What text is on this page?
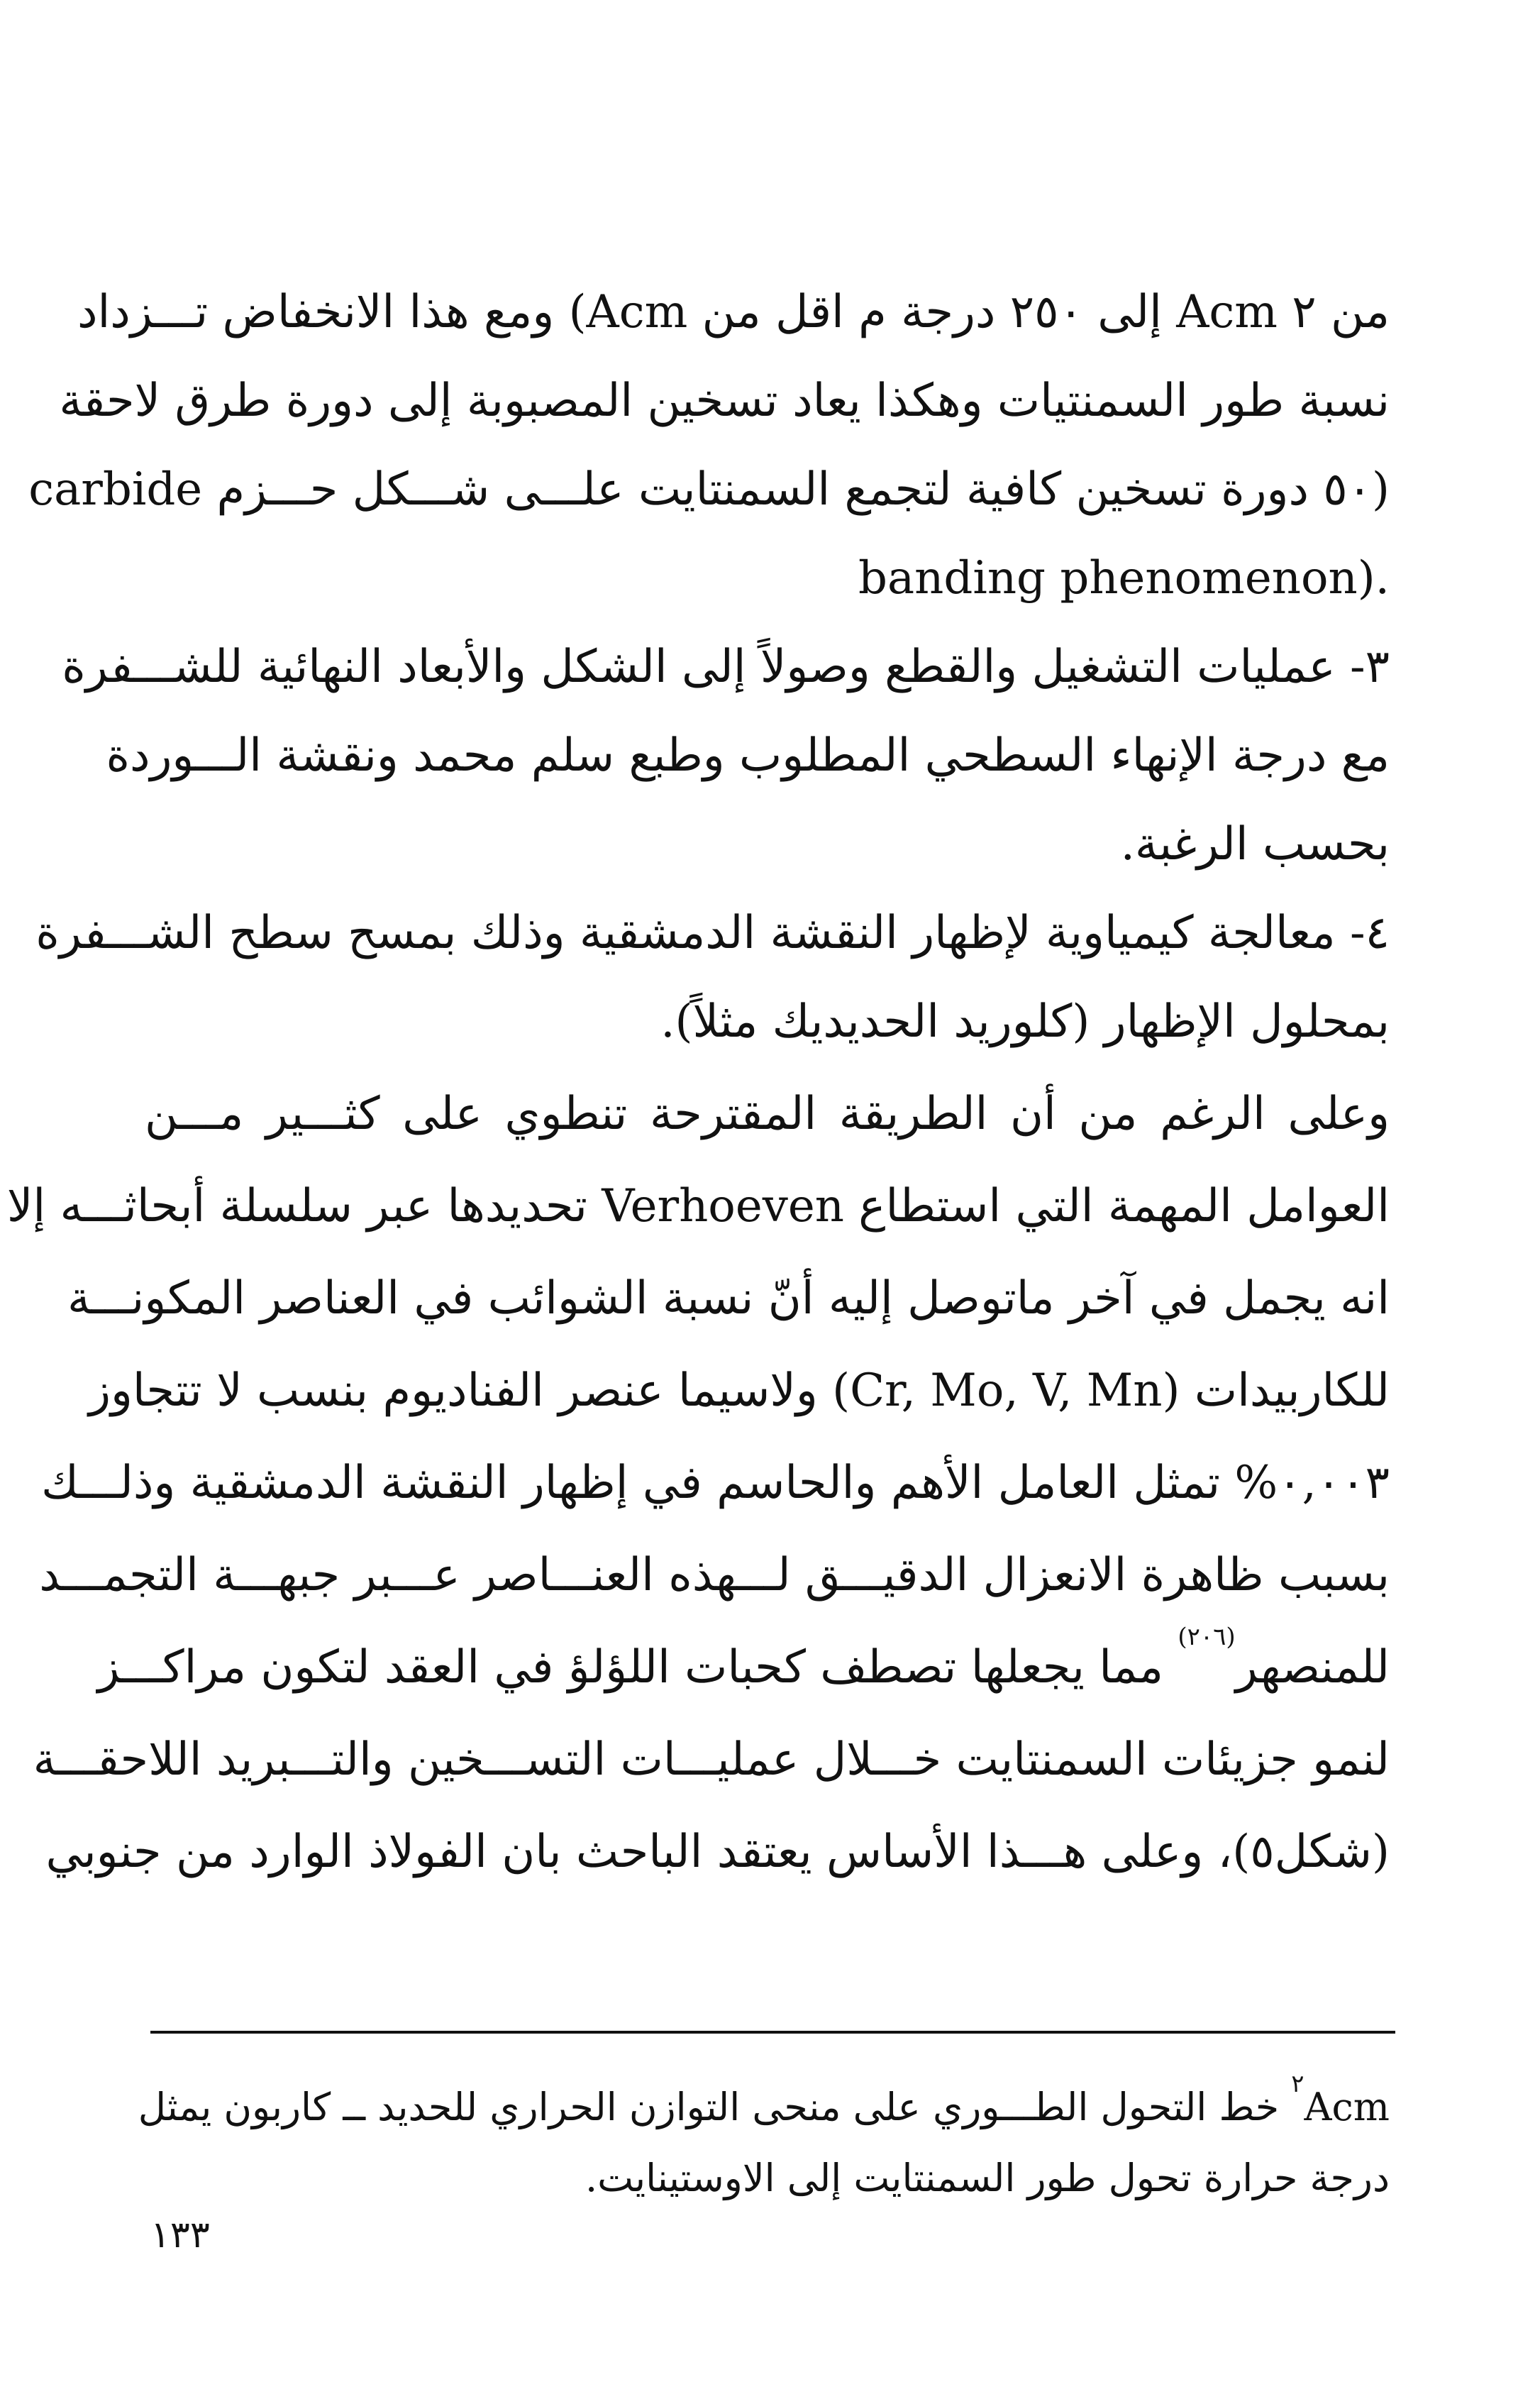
من ٢ Acm إلى ٢٥٠ درجة م اقل من Acm) ومع هذا الانخفاض تـــزداد
نسبة طور السمنتيات وهكذا يعاد تسخين المصبوبة إلى دورة طرق لاحقة
(٥٠ دورة تسخين كافية لتجمع السمنتايت علـــى شـــكل حـــزم carbide
banding phenomenon).
٣- عمليات التشغيل والقطع وصولاً إلى الشكل والأبعاد النهائية للشـــفرة
مع درجة الإنهاء السطحي المطلوب وطبع سلم محمد ونقشة الـــوردة
بحسب الرغبة.
٤- معالجة كيمياوية لإظهار النقشة الدمشقية وذلك بمسح سطح الشـــفرة
بمحلول الإظهار (كلوريد الحديديك مثلاً).
وعلى الرغم من أن الطريقة المقترحة تنطوي على كثـــير مـــن
العوامل المهمة التي استطاع Verhoeven تحديدها عبر سلسلة أبحاثـــه إلا
انه يجمل في آخر ماتوصل إليه أنّ نسبة الشوائب في العناصر المكونـــة
للكاربيدات (Cr, Mo, V, Mn) ولاسيما عنصر الفناديوم بنسب لا تتجاوز
٠,٠٠٣% تمثل العامل الأهم والحاسم في إظهار النقشة الدمشقية وذلـــك
بسبب ظاهرة الانعزال الدقيـــق لـــهذه العنـــاصر عـــبر جبهـــة التجمـــد
للمنصهر$^{(٢٠٦)}$ مما يجعلها تصطف كحبات اللؤلؤ في العقد لتكون مراكـــز
لنمو جزيئات السمنتايت خـــلال عمليـــات التســـخين والتـــبريد اللاحقـــة
(شكل٥)، وعلى هـــذا الأساس يعتقد الباحث بان الفولاذ الوارد من جنوبي
$^٢$Acm خط التحول الطـــوري على منحى التوازن الحراري للحديد ــ كاربون يمثل
درجة حرارة تحول طور السمنتايت إلى الاوستينايت.
١٣٣
